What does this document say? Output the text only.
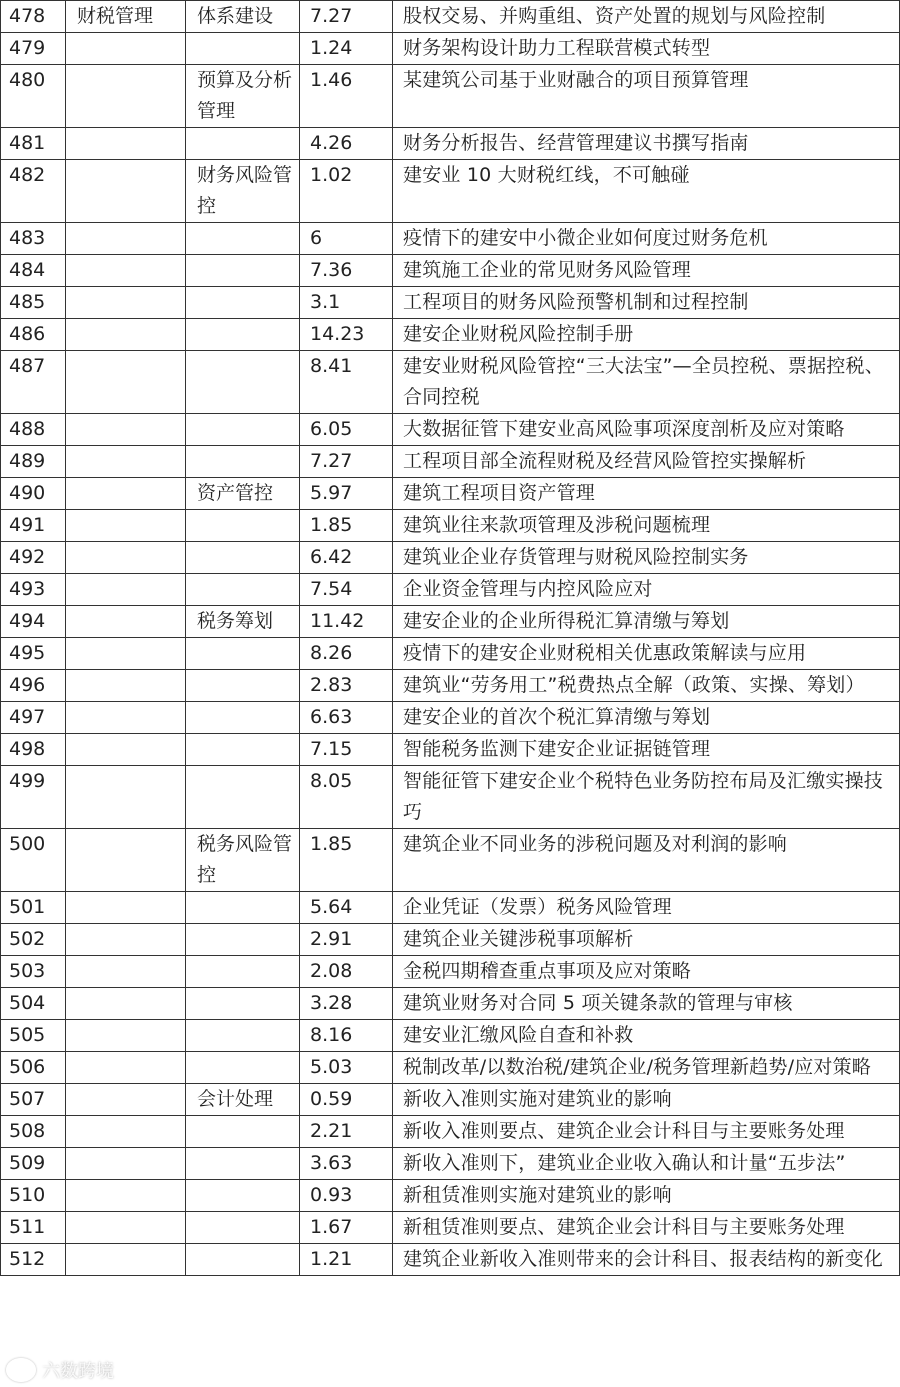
478	财税管理	体系建设	7.27	股权交易、并购重组、资产处置的规划与风险控制
479			1.24	财务架构设计助力工程联营模式转型
480		预算及分析管理	1.46	某建筑公司基于业财融合的项目预算管理
481			4.26	财务分析报告、经营管理建议书撰写指南
482		财务风险管控	1.02	建安业 10 大财税红线，不可触碰
483			6	疫情下的建安中小微企业如何度过财务危机
484			7.36	建筑施工企业的常见财务风险管理
485			3.1	工程项目的财务风险预警机制和过程控制
486			14.23	建安企业财税风险控制手册
487			8.41	建安业财税风险管控“三大法宝”—全员控税、票据控税、合同控税
488			6.05	大数据征管下建安业高风险事项深度剖析及应对策略
489			7.27	工程项目部全流程财税及经营风险管控实操解析
490		资产管控	5.97	建筑工程项目资产管理
491			1.85	建筑业往来款项管理及涉税问题梳理
492			6.42	建筑业企业存货管理与财税风险控制实务
493			7.54	企业资金管理与内控风险应对
494		税务筹划	11.42	建安企业的企业所得税汇算清缴与筹划
495			8.26	疫情下的建安企业财税相关优惠政策解读与应用
496			2.83	建筑业“劳务用工”税费热点全解（政策、实操、筹划）
497			6.63	建安企业的首次个税汇算清缴与筹划
498			7.15	智能税务监测下建安企业证据链管理
499			8.05	智能征管下建安企业个税特色业务防控布局及汇缴实操技巧
500		税务风险管控	1.85	建筑企业不同业务的涉税问题及对利润的影响
501			5.64	企业凭证（发票）税务风险管理
502			2.91	建筑企业关键涉税事项解析
503			2.08	金税四期稽查重点事项及应对策略
504			3.28	建筑业财务对合同 5 项关键条款的管理与审核
505			8.16	建安业汇缴风险自查和补救
506			5.03	税制改革/以数治税/建筑企业/税务管理新趋势/应对策略
507		会计处理	0.59	新收入准则实施对建筑业的影响
508			2.21	新收入准则要点、建筑企业会计科目与主要账务处理
509			3.63	新收入准则下，建筑业企业收入确认和计量“五步法”
510			0.93	新租赁准则实施对建筑业的影响
511			1.67	新租赁准则要点、建筑企业会计科目与主要账务处理
512			1.21	建筑企业新收入准则带来的会计科目、报表结构的新变化
六数跨境
